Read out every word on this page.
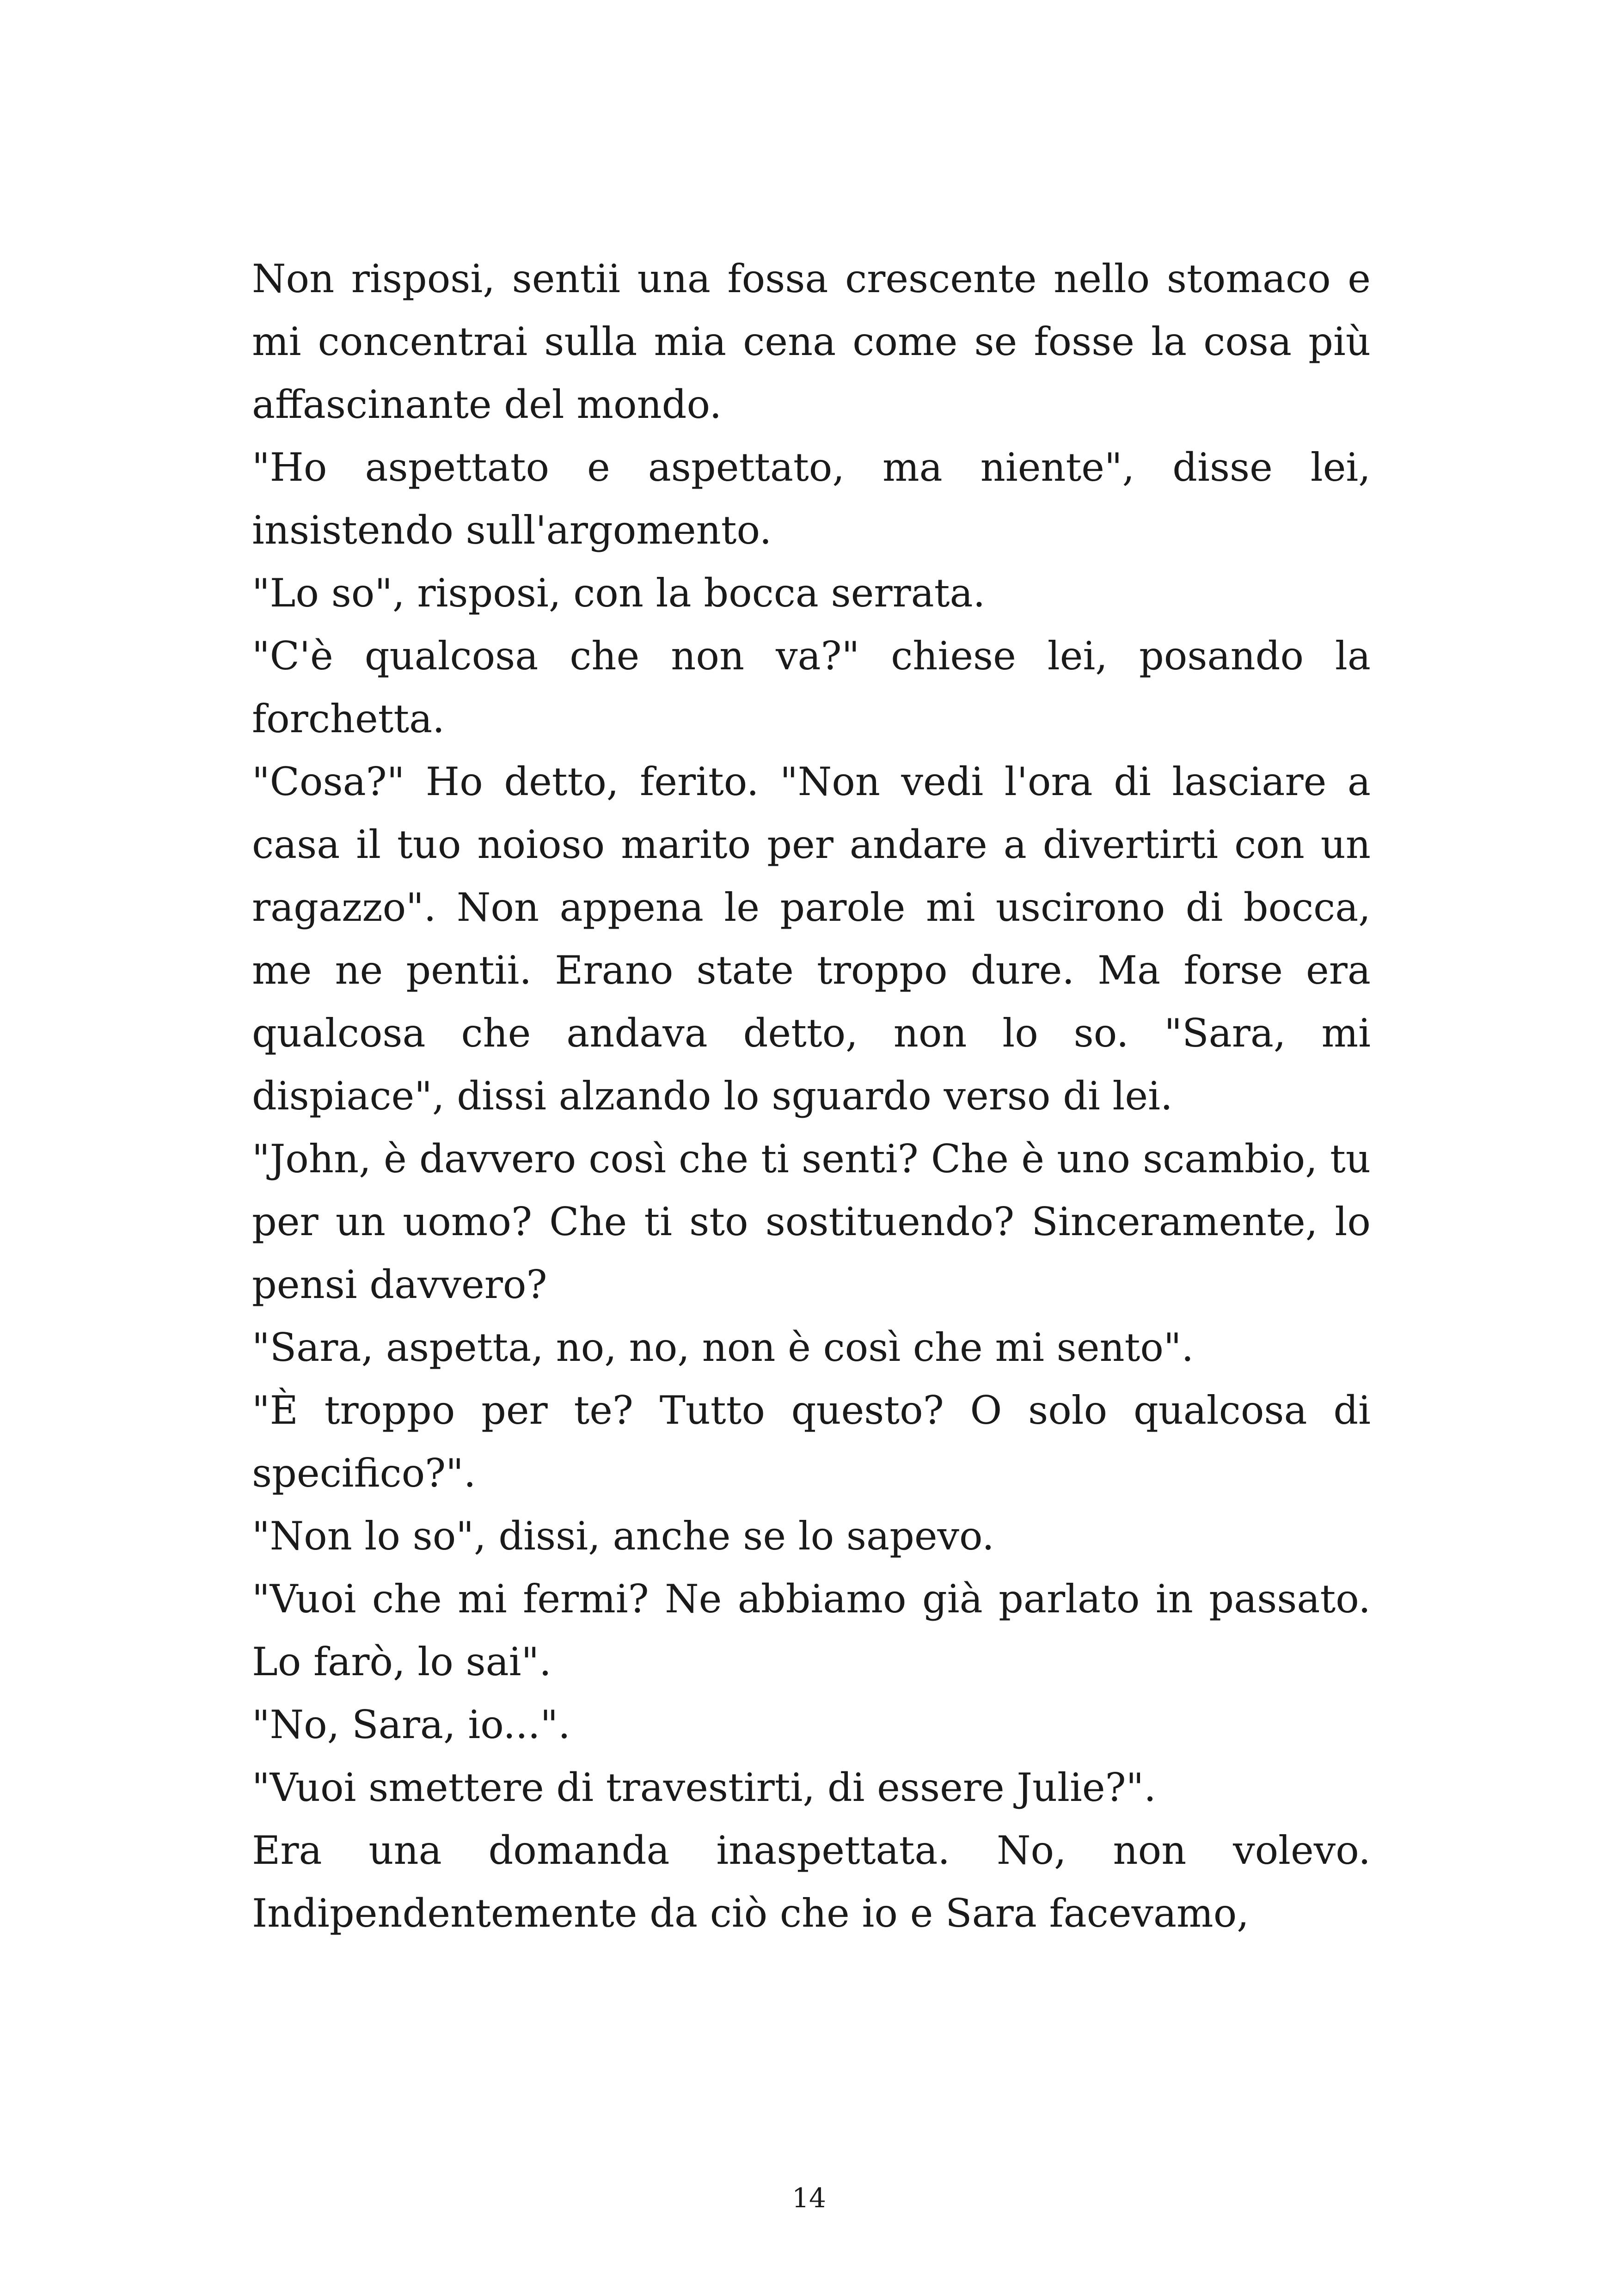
Non risposi, sentii una fossa crescente nello stomaco e mi concentrai sulla mia cena come se fosse la cosa più affascinante del mondo.

"Ho aspettato e aspettato, ma niente", disse lei, insistendo sull'argomento.

"Lo so", risposi, con la bocca serrata.

"C'è qualcosa che non va?" chiese lei, posando la forchetta.

"Cosa?" Ho detto, ferito. "Non vedi l'ora di lasciare a casa il tuo noioso marito per andare a divertirti con un ragazzo". Non appena le parole mi uscirono di bocca, me ne pentii. Erano state troppo dure. Ma forse era qualcosa che andava detto, non lo so. "Sara, mi dispiace", dissi alzando lo sguardo verso di lei.

"John, è davvero così che ti senti? Che è uno scambio, tu per un uomo? Che ti sto sostituendo? Sinceramente, lo pensi davvero?

"Sara, aspetta, no, no, non è così che mi sento".

"È troppo per te? Tutto questo? O solo qualcosa di specifico?".

"Non lo so", dissi, anche se lo sapevo.

"Vuoi che mi fermi? Ne abbiamo già parlato in passato. Lo farò, lo sai".

"No, Sara, io...".

"Vuoi smettere di travestirti, di essere Julie?".

Era una domanda inaspettata. No, non volevo. Indipendentemente da ciò che io e Sara facevamo,

14
